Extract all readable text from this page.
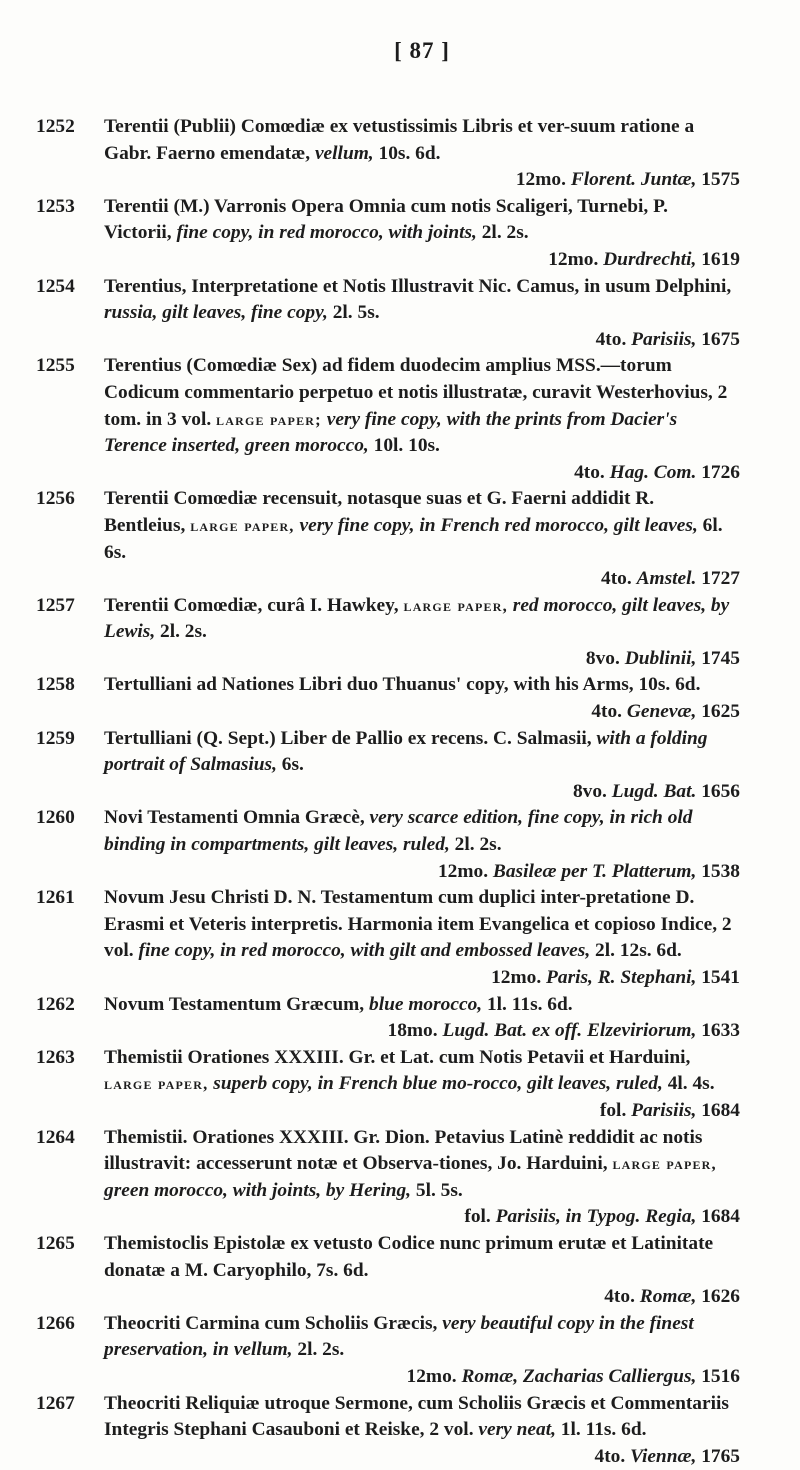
[ 87 ]

1252 Terentii (Publii) Comœdiæ ex vetustissimis Libris et ver-suum ratione a Gabr. Faerno emendatæ, vellum, 10s. 6d.
12mo. Florent. Juntæ, 1575

1253 Terentii (M.) Varronis Opera Omnia cum notis Scaligeri, Turnebi, P. Victorii, fine copy, in red morocco, with joints, 2l. 2s.
12mo. Durdrechti, 1619

1254 Terentius, Interpretatione et Notis Illustravit Nic. Camus, in usum Delphini, russia, gilt leaves, fine copy, 2l. 5s.
4to. Parisiis, 1675

1255 Terentius (Comœdiæ Sex) ad fidem duodecim amplius MSS.—torum Codicum commentario perpetuo et notis illustratæ, curavit Westerhovius, 2 tom. in 3 vol. large paper; very fine copy, with the prints from Dacier's Terence inserted, green morocco, 10l. 10s.
4to. Hag. Com. 1726

1256 Terentii Comœdiæ recensuit, notasque suas et G. Faerni addidit R. Bentleius, large paper, very fine copy, in French red morocco, gilt leaves, 6l. 6s.
4to. Amstel. 1727

1257 Terentii Comœdiæ, curâ I. Hawkey, large paper, red morocco, gilt leaves, by Lewis, 2l. 2s.
8vo. Dublinii, 1745

1258 Tertulliani ad Nationes Libri duo Thuanus' copy, with his Arms, 10s. 6d.
4to. Genevæ, 1625

1259 Tertulliani (Q. Sept.) Liber de Pallio ex recens. C. Salmasii, with a folding portrait of Salmasius, 6s.
8vo. Lugd. Bat. 1656

1260 Novi Testamenti Omnia Græcè, very scarce edition, fine copy, in rich old binding in compartments, gilt leaves, ruled, 2l. 2s.
12mo. Basileæ per T. Platterum, 1538

1261 Novum Jesu Christi D. N. Testamentum cum duplici inter-pretatione D. Erasmi et Veteris interpretis. Harmonia item Evangelica et copioso Indice, 2 vol. fine copy, in red morocco, with gilt and embossed leaves, 2l. 12s. 6d.
12mo. Paris, R. Stephani, 1541

1262 Novum Testamentum Græcum, blue morocco, 1l. 11s. 6d.
18mo. Lugd. Bat. ex off. Elzeviriorum, 1633

1263 Themistii Orationes XXXIII. Gr. et Lat. cum Notis Petavii et Harduini, large paper, superb copy, in French blue mo-rocco, gilt leaves, ruled, 4l. 4s.
fol. Parisiis, 1684

1264 Themistii. Orationes XXXIII. Gr. Dion. Petavius Latinè reddidit ac notis illustravit: accesserunt notæ et Observa-tiones, Jo. Harduini, large paper, green morocco, with joints, by Hering, 5l. 5s.
fol. Parisiis, in Typog. Regia, 1684

1265 Themistoclis Epistolæ ex vetusto Codice nunc primum erutæ et Latinitate donatæ a M. Caryophilo, 7s. 6d.
4to. Romæ, 1626

1266 Theocriti Carmina cum Scholiis Græcis, very beautiful copy in the finest preservation, in vellum, 2l. 2s.
12mo. Romæ, Zacharias Calliergus, 1516

1267 Theocriti Reliquiæ utroque Sermone, cum Scholiis Græcis et Commentariis Integris Stephani Casauboni et Reiske, 2 vol. very neat, 1l. 11s. 6d.
4to. Viennæ, 1765
